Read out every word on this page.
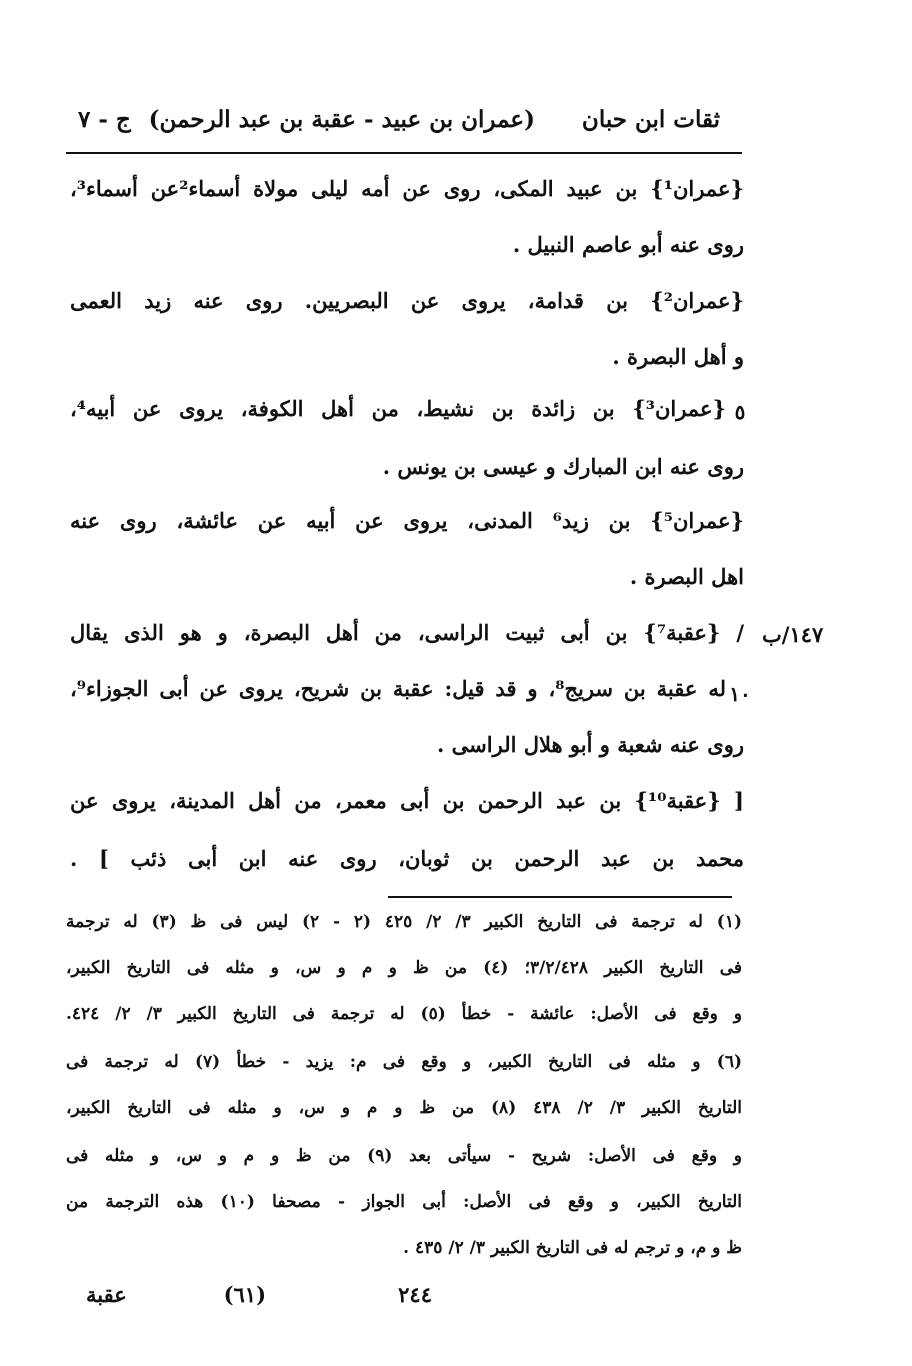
ثقات ابن حبان
(عمران بن عبيد - عقبة بن عبد الرحمن)
ج - ٧
{عمران¹} بن عبيد المكى، روى عن أمه ليلى مولاة أسماء²عن أسماء³،
روى عنه أبو عاصم النبيل .
{عمران²} بن قدامة، يروى عن البصريين. روى عنه زيد العمى
و أهل البصرة .
٥
{عمران³} بن زائدة بن نشيط، من أهل الكوفة، يروى عن أبيه⁴،
روى عنه ابن المبارك و عيسى بن يونس .
{عمران⁵} بن زيد⁶ المدنى، يروى عن أبيه عن عائشة، روى عنه
اهل البصرة .
١٤٧/ب
/ {عقبة⁷} بن أبى ثبيت الراسى، من أهل البصرة، و هو الذى يقال
١٠
له عقبة بن سريج⁸، و قد قيل: عقبة بن شريح، يروى عن أبى الجوزاء⁹،
روى عنه شعبة و أبو هلال الراسى .
[ {عقبة¹⁰} بن عبد الرحمن بن أبى معمر، من أهل المدينة، يروى عن
محمد بن عبد الرحمن بن ثوبان، روى عنه ابن أبى ذئب ] .
(١) له ترجمة فى التاريخ الكبير ٣/ ٢/ ٤٢٥ (٢ - ٢) ليس فى ظ (٣) له ترجمة
فى التاريخ الكبير ٣/٢/٤٢٨؛ (٤) من ظ و م و س، و مثله فى التاريخ الكبير،
و وقع فى الأصل: عائشة - خطأ (٥) له ترجمة فى التاريخ الكبير ٣/ ٢/ ٤٢٤.
(٦) و مثله فى التاريخ الكبير، و وقع فى م: يزيد - خطأ (٧) له ترجمة فى
التاريخ الكبير ٣/ ٢/ ٤٣٨ (٨) من ظ و م و س، و مثله فى التاريخ الكبير،
و وقع فى الأصل: شريح - سيأتى بعد (٩) من ظ و م و س، و مثله فى
التاريخ الكبير، و وقع فى الأصل: أبى الجواز - مصحفا (١٠) هذه الترجمة من
ظ و م، و ترجم له فى التاريخ الكبير ٣/ ٢/ ٤٣٥ .
٢٤٤
(٦١)
عقبة
